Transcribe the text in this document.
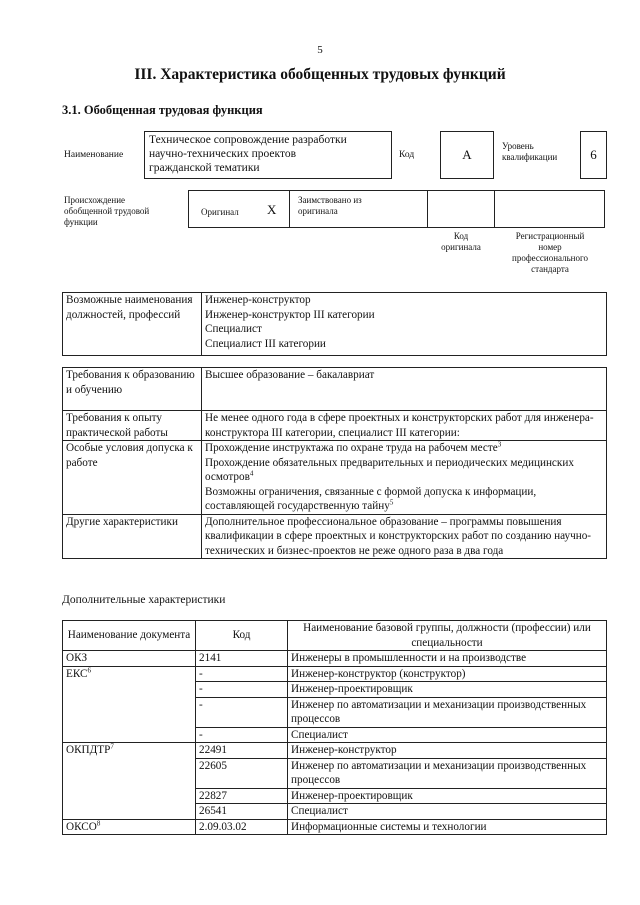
5
III. Характеристика обобщенных трудовых функций
3.1. Обобщенная трудовая функция
Наименование
Техническое сопровождение разработки
научно-технических проектов
гражданской тематики
Код	А
Уровень
квалификации	6
Происхождение
обобщенной трудовой
функции
Оригинал X
Заимствовано из
оригинала
Код
оригинала
Регистрационный
номер
профессионального
стандарта
Возможные наименования должностей, профессий	
Инженер-конструктор
Инженер-конструктор III категории
Специалист
Специалист III категории
Требования к образованию и обучению	Высшее образование – бакалавриат
Требования к опыту практической работы	Не менее одного года в сфере проектных и конструкторских работ для инженера-конструктора III категории, специалист III категории:
Особые условия допуска к работе	Прохождение инструктажа по охране труда на рабочем месте$^3$
Прохождение обязательных предварительных и периодических медицинских осмотров$^4$
Возможны ограничения, связанные с формой допуска к информации, составляющей государственную тайну$^5$

Другие характеристики	Дополнительное профессиональное образование – программы повышения квалификации в сфере проектных и конструкторских работ по созданию научно-технических и бизнес-проектов не реже одного раза в два года
Дополнительные характеристики
Наименование документа	Код	Наименование базовой группы, должности (профессии) или специальности
ОКЗ	2141	Инженеры в промышленности и на производстве
ЕКС$^6$	-	Инженер-конструктор (конструктор)
	-	Инженер-проектировщик
	-	Инженер по автоматизации и механизации производственных процессов
	-	Специалист
ОКПДТР$^7$	22491	Инженер-конструктор
	22605	Инженер по автоматизации и механизации производственных процессов
	22827	Инженер-проектировщик
	26541	Специалист
ОКСО$^8$	2.09.03.02	Информационные системы и технологии
